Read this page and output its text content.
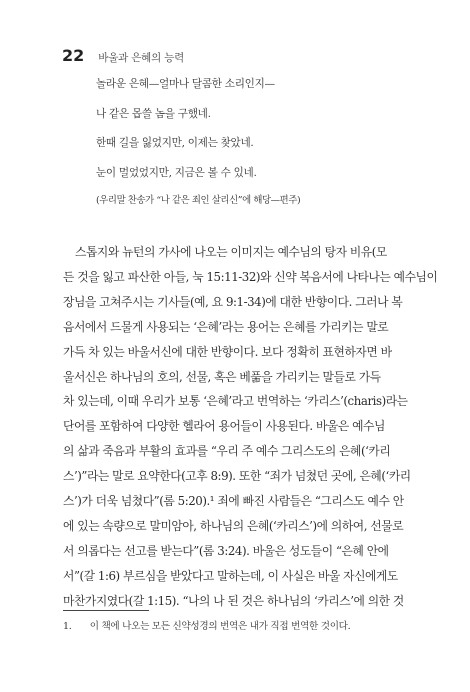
22 바울과 은혜의 능력
놀라운 은혜—얼마나 달콤한 소리인지—
나 같은 몹쓸 놈을 구했네.
한때 길을 잃었지만, 이제는 찾았네.
눈이 멀었었지만, 지금은 볼 수 있네.
(우리말 찬송가 “나 같은 죄인 살리신”에 해당—편주)
스톱지와 뉴턴의 가사에 나오는 이미지는 예수님의 탕자 비유(모
든 것을 잃고 파산한 아들, 눅 15:11-32)와 신약 복음서에 나타나는 예수님이
장님을 고쳐주시는 기사들(예, 요 9:1-34)에 대한 반향이다. 그러나 복
음서에서 드물게 사용되는 ‘은혜’라는 용어는 은혜를 가리키는 말로
가득 차 있는 바울서신에 대한 반향이다. 보다 정확히 표현하자면 바
울서신은 하나님의 호의, 선물, 혹은 베풂을 가리키는 말들로 가득
차 있는데, 이때 우리가 보통 ‘은혜’라고 번역하는 ‘카리스’(charis)라는
단어를 포함하여 다양한 헬라어 용어들이 사용된다. 바울은 예수님
의 삶과 죽음과 부활의 효과를 “우리 주 예수 그리스도의 은혜(‘카리
스’)”라는 말로 요약한다(고후 8:9). 또한 “죄가 넘쳤던 곳에, 은혜(‘카리
스’)가 더욱 넘쳤다”(롬 5:20).¹ 죄에 빠진 사람들은 “그리스도 예수 안
에 있는 속량으로 말미암아, 하나님의 은혜(‘카리스’)에 의하여, 선물로
서 의롭다는 선고를 받는다”(롬 3:24). 바울은 성도들이 “은혜 안에
서”(갈 1:6) 부르심을 받았다고 말하는데, 이 사실은 바울 자신에게도
마찬가지였다(갈 1:15). “나의 나 된 것은 하나님의 ‘카리스’에 의한 것
1. 이 책에 나오는 모든 신약성경의 번역은 내가 직접 번역한 것이다.
